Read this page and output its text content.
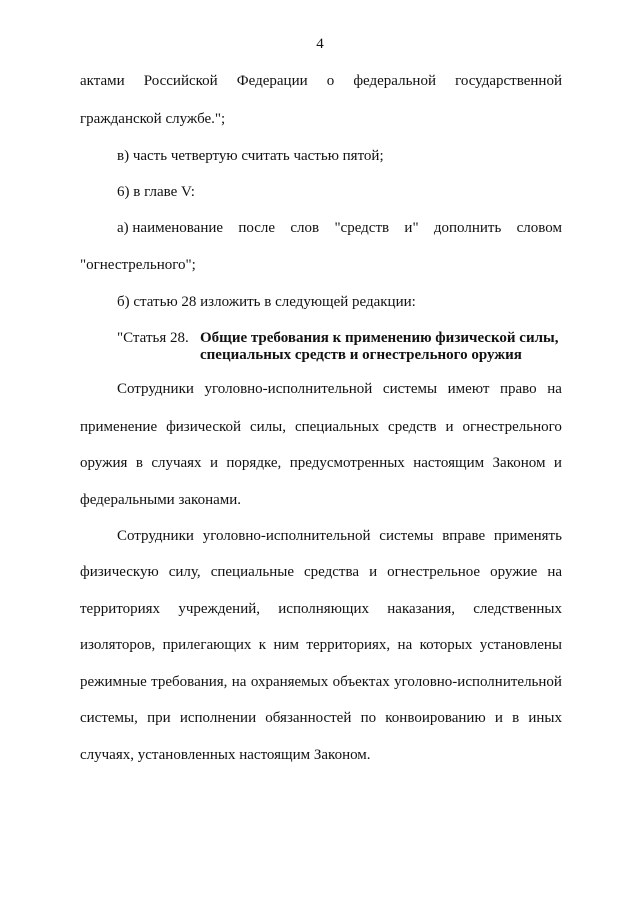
4
актами Российской Федерации о федеральной государственной
гражданской службе.";
в) часть четвертую считать частью пятой;
6) в главе V:
а) наименование после слов "средств и" дополнить словом
"огнестрельного";
б) статью 28 изложить в следующей редакции:
"Статья 28. Общие требования к применению физической силы,
специальных средств и огнестрельного оружия
Сотрудники уголовно-исполнительной системы имеют право на
применение физической силы, специальных средств и огнестрельного
оружия в случаях и порядке, предусмотренных настоящим Законом и
федеральными законами.
Сотрудники уголовно-исполнительной системы вправе применять
физическую силу, специальные средства и огнестрельное оружие на
территориях учреждений, исполняющих наказания, следственных
изоляторов, прилегающих к ним территориях, на которых установлены
режимные требования, на охраняемых объектах уголовно-исполнительной
системы, при исполнении обязанностей по конвоированию и в иных
случаях, установленных настоящим Законом.
